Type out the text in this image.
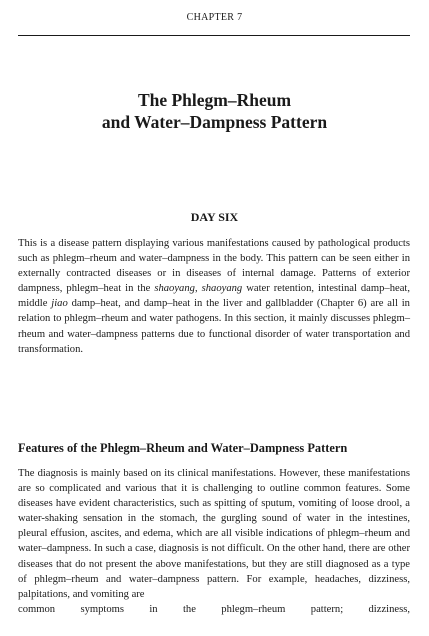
CHAPTER 7
The Phlegm–Rheum
and Water–Dampness Pattern
DAY SIX

This is a disease pattern displaying various manifestations caused by pathological products such as phlegm–rheum and water–dampness in the body. This pattern can be seen either in externally contracted diseases or in diseases of internal damage. Patterns of exterior dampness, phlegm–heat in the shaoyang, shaoyang water retention, intestinal damp–heat, middle jiao damp–heat, and damp–heat in the liver and gallbladder (Chapter 6) are all in relation to phlegm–rheum and water pathogens. In this section, it mainly discusses phlegm–rheum and water–dampness patterns due to functional disorder of water transportation and transformation.

Features of the Phlegm–Rheum and Water–Dampness Pattern

The diagnosis is mainly based on its clinical manifestations. However, these manifestations are so complicated and various that it is challenging to outline common features. Some diseases have evident characteristics, such as spitting of sputum, vomiting of loose drool, a water-shaking sensation in the stomach, the gurgling sound of water in the intestines, pleural effusion, ascites, and edema, which are all visible indications of phlegm–rheum and water–dampness. In such a case, diagnosis is not difficult. On the other hand, there are other diseases that do not present the above manifestations, but they are still diagnosed as a type of phlegm–rheum and water–dampness pattern. For example, headaches, dizziness, palpitations, and vomiting are
common symptoms in the phlegm–rheum pattern; dizziness,
